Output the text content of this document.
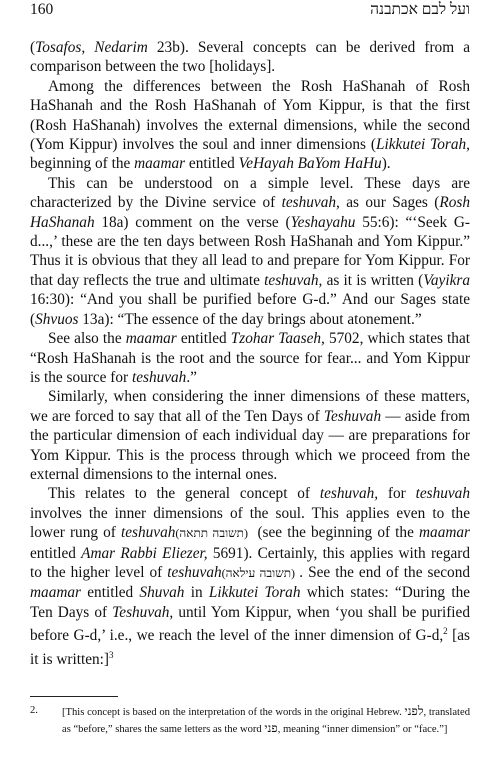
160	ועל לבם אכתבנה

(Tosafos, Nedarim 23b). Several concepts can be derived from a comparison between the two [holidays].

Among the differences between the Rosh HaShanah of Rosh HaShanah and the Rosh HaShanah of Yom Kippur, is that the first (Rosh HaShanah) involves the external dimensions, while the second (Yom Kippur) involves the soul and inner dimensions (Likkutei Torah, beginning of the maamar entitled VeHayah BaYom HaHu).

This can be understood on a simple level. These days are characterized by the Divine service of teshuvah, as our Sages (Rosh HaShanah 18a) comment on the verse (Yeshayahu 55:6): “‘Seek G-d...,’ these are the ten days between Rosh HaShanah and Yom Kippur.” Thus it is obvious that they all lead to and prepare for Yom Kippur. For that day reflects the true and ultimate teshuvah, as it is written (Vayikra 16:30): “And you shall be purified before G-d.” And our Sages state (Shvuos 13a): “The essence of the day brings about atonement.”

See also the maamar entitled Tzohar Taaseh, 5702, which states that “Rosh HaShanah is the root and the source for fear... and Yom Kippur is the source for teshuvah.”

Similarly, when considering the inner dimensions of these matters, we are forced to say that all of the Ten Days of Teshuvah — aside from the particular dimension of each individual day — are preparations for Yom Kippur. This is the process through which we proceed from the external dimensions to the internal ones.

This relates to the general concept of teshuvah, for teshuvah involves the inner dimensions of the soul. This applies even to the lower rung of teshuvah (תשובה תתאה) (see the beginning of the maamar entitled Amar Rabbi Eliezer, 5691). Certainly, this applies with regard to the higher level of teshuvah (תשובה עילאה). See the end of the second maamar entitled Shuvah in Likkutei Torah which states: “During the Ten Days of Teshuvah, until Yom Kippur, when ‘you shall be purified before G-d,’ i.e., we reach the level of the inner dimension of G-d,$^2$ [as it is written:]$^3$

2. [This concept is based on the interpretation of the words in the original Hebrew. לפני, translated as “before,” shares the same letters as the word פני, meaning “inner dimension” or “face.”]
